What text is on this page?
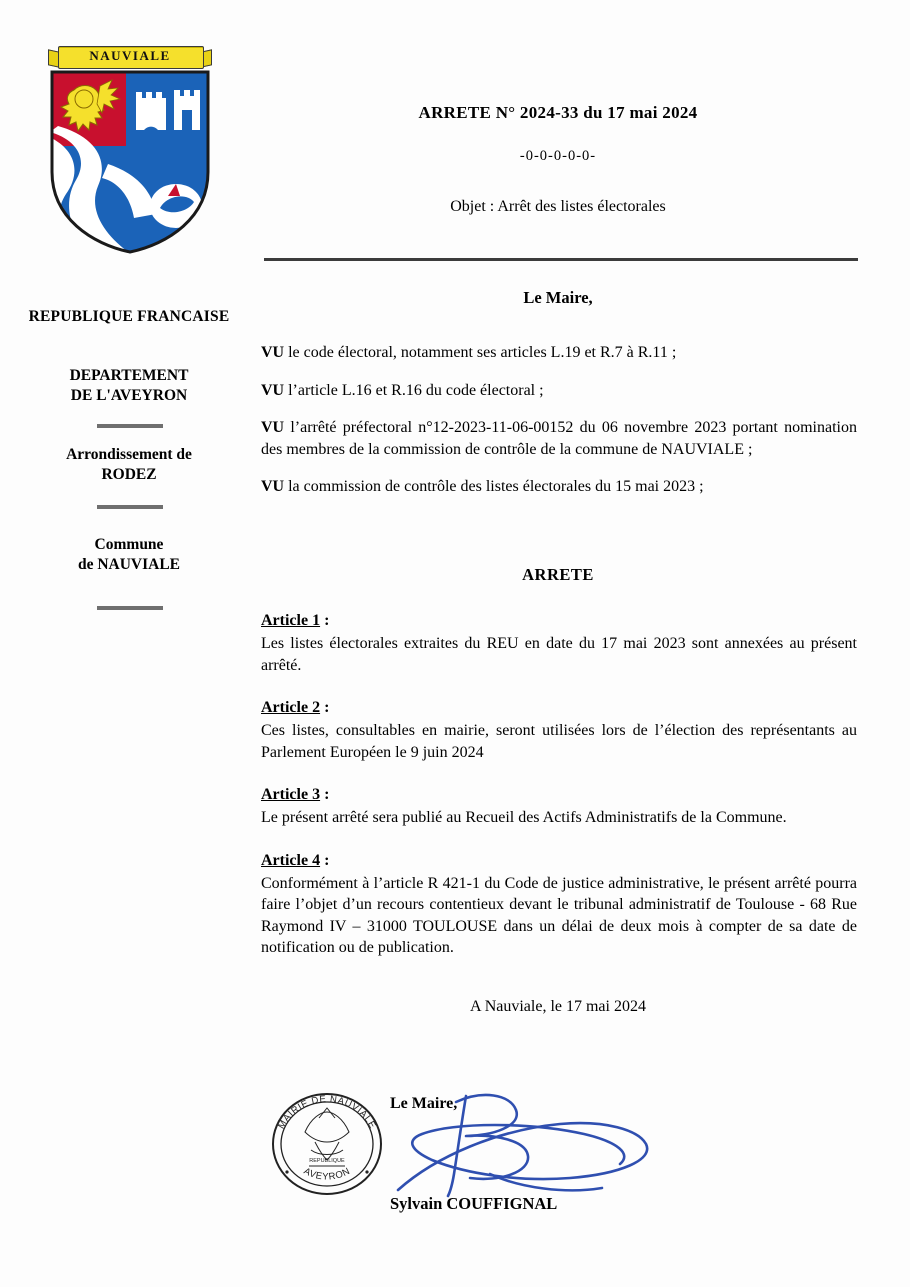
NAUVIALE
REPUBLIQUE FRANCAISE
DEPARTEMENT
DE L'AVEYRON
Arrondissement de
RODEZ
Commune
de NAUVIALE
ARRETE N° 2024-33 du 17 mai 2024
-0-0-0-0-0-
Objet : Arrêt des listes électorales
Le Maire,

VU le code électoral, notamment ses articles L.19 et R.7 à R.11 ;

VU l’article L.16 et R.16 du code électoral ;

VU l’arrêté préfectoral n°12-2023-11-06-00152 du 06 novembre 2023 portant nomination des membres de la commission de contrôle de la commune de NAUVIALE ;

VU la commission de contrôle des listes électorales du 15 mai 2023 ;

ARRETE
Article 1 :
Les listes électorales extraites du REU en date du 17 mai 2023 sont annexées au présent arrêté.
Article 2 :
Ces listes, consultables en mairie, seront utilisées lors de l’élection des représentants au Parlement Européen le 9 juin 2024
Article 3 :
Le présent arrêté sera publié au Recueil des Actifs Administratifs de la Commune.
Article 4 :
Conformément à l’article R 421-1 du Code de justice administrative, le présent arrêté pourra faire l’objet d’un recours contentieux devant le tribunal administratif de Toulouse - 68 Rue Raymond IV – 31000 TOULOUSE dans un délai de deux mois à compter de sa date de notification ou de publication.
A Nauviale, le 17 mai 2024
MAIRIE DE NAUVIALE
AVEYRON
REPUBLIQUE
Le Maire,
Sylvain COUFFIGNAL
